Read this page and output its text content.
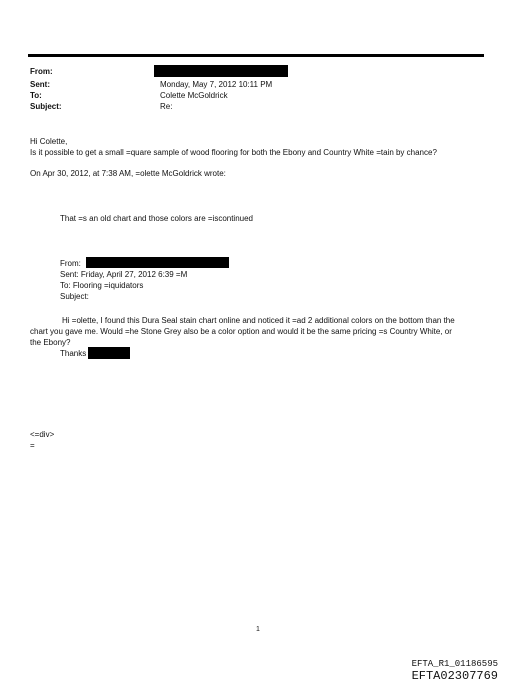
From:
Sent:	Monday, May 7, 2012 10:11 PM
To:	Colette McGoldrick
Subject:	Re:
Hi Colette,
Is it possible to get a small =quare sample of wood flooring for both the Ebony and Country White =tain by chance?
On Apr 30, 2012, at 7:38 AM, =olette McGoldrick wrote:
That =s an old chart and those colors are =iscontinued
From:
Sent: Friday, April 27, 2012 6:39 =M
To: Flooring =iquidators
Subject:
Hi =olette, I found this Dura Seal stain chart online and noticed it =ad 2 additional colors on the bottom than the
chart you gave me. Would =he Stone Grey also be a color option and would it be the same pricing =s Country White, or
the Ebony?
Thanks
<=div>
=
1
EFTA_R1_01186595
EFTA02307769
